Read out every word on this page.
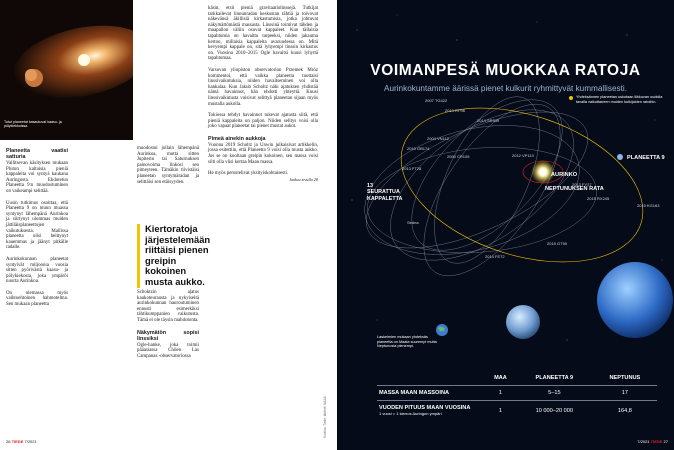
Tutut planeetat kasautuvat kaasu- ja pölykiekkoissa.
Planeetta vaatisi satturia

Vallitsevan käsityksen mukaan Pluton kaltaisia pieniä kappaleita voi syntyä kaukana Auringosta. Ehdotetun Planeetta 9:n muodostuminen on vaikeampi selittää.

Uusin tutkimus osoittaa, että Planeetta 9 on muun muassa syntynyt lähempänä Aurinkoa ja siirtynyt ulommas muiden jättiläisplaneettojen vaikutuksesta. Mallissa planeetta olisi heittynyt kauemmas ja jäänyt pitkälle radalle.

Aurinkokunnan planeetat syntyivät miljoonia vuosia sitten pyörivästä kaasu- ja pölykiekosta, joka ympäröi nuorta Aurinkoa.

On olemassa myös vaihtoehtoinen hahmotelma. Sen mukaan planeetta

muodostui jollain lähempänä Aurinkoa, mutta sitten Jupiterin tai Saturnuksen painovoima linkosi sen pimeyteen. Tämäkin tiivistäisi planeetan syntymäradan ja selittäisi sen etäisyyden.

Kiertoratoja järjestelemään riittäisi pienen greipin kokoinen musta aukko.

Schoktzin ajatus kaukoteurausta ja nykyiseltä aurinkokunnan hauroutuminen ennusti esimerkiksi tähtikumppanien vaikutusta. Tämä ei ole täysin mahdotonta.

Näkymätön sopisi linssiksi

Ogle-hanke, joka toimii pääasiassa Chilen Las Campanas -observatoriossa

käsin, etsii pieniä gravitaatiolinssejä. Tutkijat tarkkailevat linnunradan keskustan tähtiä ja toivovat näkevänsä äkillisiä kirkastumisia, jotka johtuvat näkymättömästä massasta. Linssinä toimivat tähden ja maapallon väliin osuvat kappaleet. Kun tällaisia tapahtumia on havaittu tarpeeksi, niiden jakauma kertoo, millaisia kappaleita avaruudessa on. Mitä kevyempi kappale on, sitä lyhyempi linssin kirkastus on. Vuosina 2010–2015 Ogle havaitsi kuusi lyhyttä tapahtumaa.

Varsovan yliopiston observatorion Przemek Mróz kommentoi, että vaikka planeetta tuottaisi linssivaikutuksia, niiden havaitseminen voi olla hankalaa. Kun Jakub Scholtz näki ajatuksen yhdistää nämä havainnot, hän ehdotti yhteyttä. Kuusi linssivaikutusta voisivat selittyä planeetan sijaan myös mustalla aukolla.

Tokiossa tehdyt havainnot tukevat ajatusta siitä, että pieniä kappaleita on paljon. Niiden selitys voisi olla joko vapaat planeetat tai pienet mustat aukot.

Pimeä ainekin aukkoja

Vuonna 2019 Scholtz ja Unwin julkaisivat artikkelin, jossa esitettiin, että Planeetta 9 voisi olla musta aukko. Jos se on kooltaan greipin kokoinen, sen massa voisi silti olla viisi kertaa Maan massa.

He myös perustelivat yksityiskohtaisesti.

Jatkuu sivulla 28

Kuvitus: Tiede, lähteet: NASA
26 TIEDE 7/2021
2007 TG422
2013 RF98
2014 SR349
2004 VN112
2010 GB174
2013 FT28
2000 CR105	2012 VP113
2015 RX245
2013 FY27
2014 FE72
2015 GT50
Sedna
2015 KG163
AURINKO
NEPTUNUKSEN RATA
PLANEETTA 9
VOIMANPESÄ MUOKKAA RATOJA
Aurinkokuntamme äärissä pienet kulkurit ryhmittyvät kummallisesti.
13 SEURATTUA KAPPALETTA
Yhdeksännen planeetan uskotaan liikkuvan oudolla tavalla vaikuttaneen muiden kulkijoiden ratoihin.
Laskelmien mukaan yhdeksäs planeetta on Maata suurempi mutta Neptunusta pienempi.
	MAA	PLANEETTA 9	NEPTUNUS
MASSA MAAN MASSOINA	1	5–15	17
VUODEN PITUUS MAAN VUOSINA
1 vuosi = 1 kierros Auringon ympäri	1	10 000–20 000	164,8
7/2021 TIEDE 27
